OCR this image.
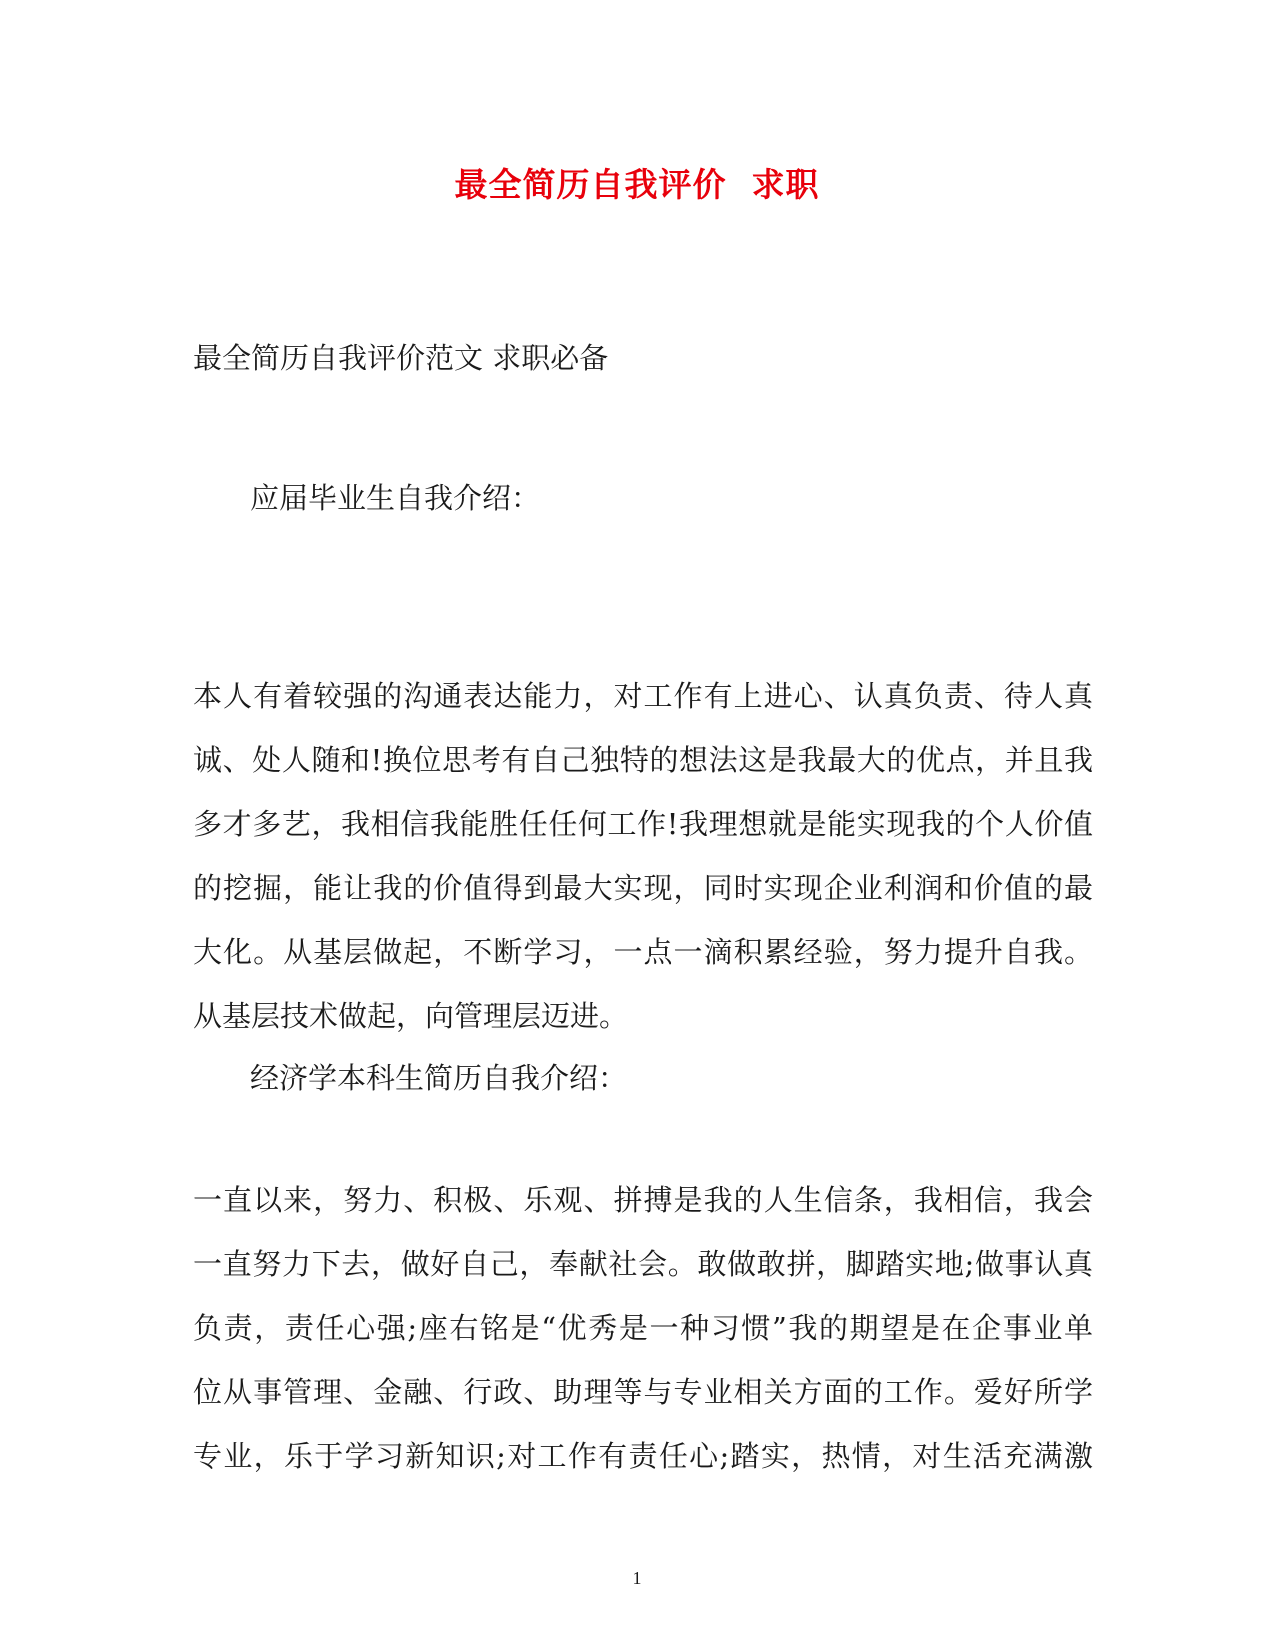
最全简历自我评价  求职
最全简历自我评价范文 求职必备
应届毕业生自我介绍：
本人有着较强的沟通表达能力，对工作有上进心、认真负责、待人真
诚、处人随和!换位思考有自己独特的想法这是我最大的优点，并且我
多才多艺，我相信我能胜任任何工作!我理想就是能实现我的个人价值
的挖掘，能让我的价值得到最大实现，同时实现企业利润和价值的最
大化。从基层做起，不断学习，一点一滴积累经验，努力提升自我。
从基层技术做起，向管理层迈进。
经济学本科生简历自我介绍：
一直以来，努力、积极、乐观、拼搏是我的人生信条，我相信，我会
一直努力下去，做好自己，奉献社会。敢做敢拼，脚踏实地;做事认真
负责，责任心强;座右铭是“优秀是一种习惯”我的期望是在企事业单
位从事管理、金融、行政、助理等与专业相关方面的工作。爱好所学
专业，乐于学习新知识;对工作有责任心;踏实，热情，对生活充满激
1
